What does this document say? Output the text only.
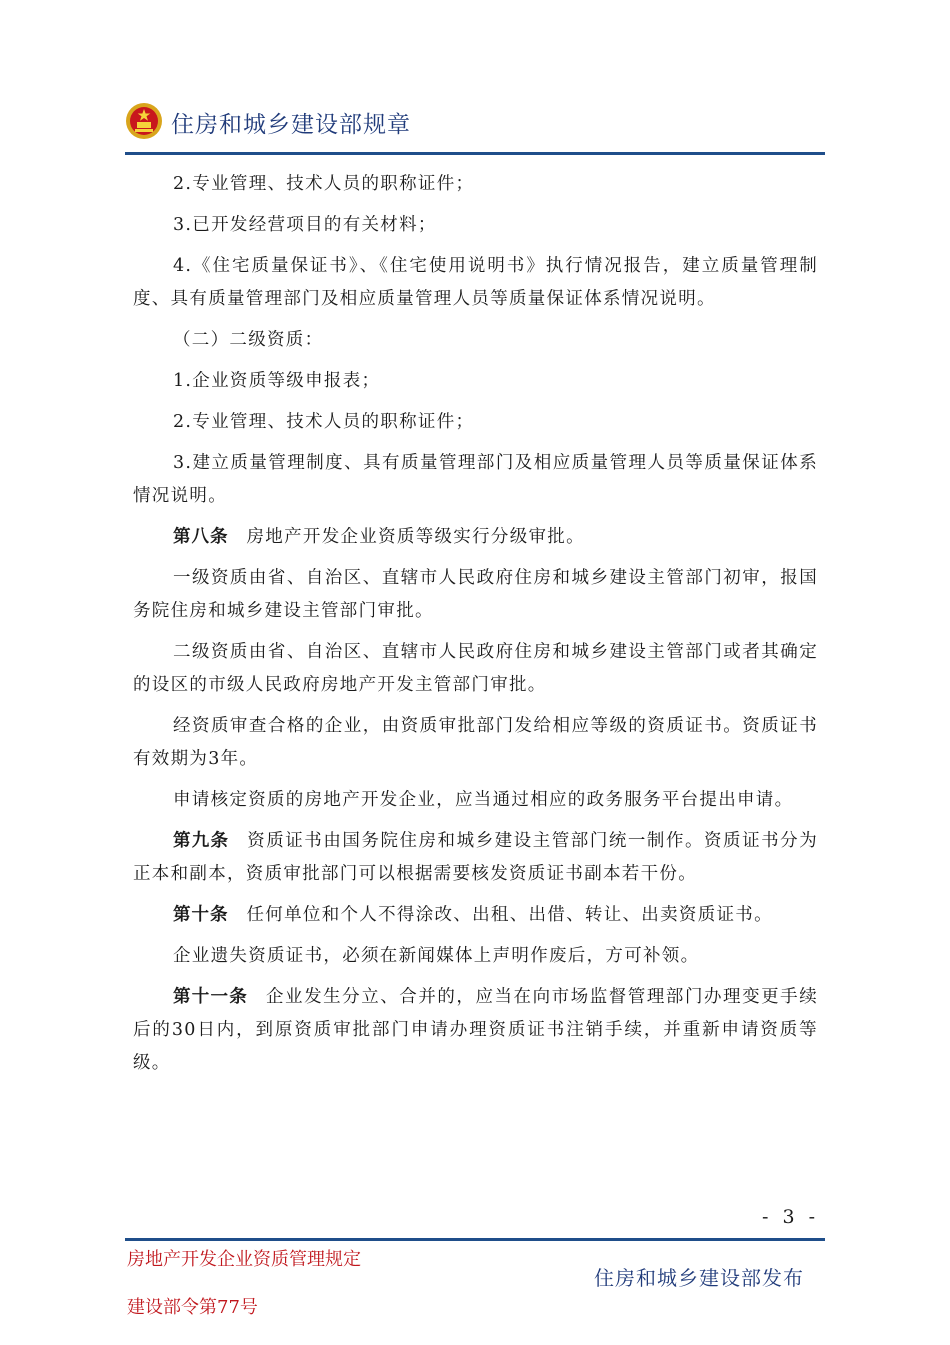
住房和城乡建设部规章

2.专业管理、技术人员的职称证件；

3.已开发经营项目的有关材料；

4.《住宅质量保证书》、《住宅使用说明书》执行情况报告，建立质量管理制度、具有质量管理部门及相应质量管理人员等质量保证体系情况说明。

（二）二级资质：

1.企业资质等级申报表；

2.专业管理、技术人员的职称证件；

3.建立质量管理制度、具有质量管理部门及相应质量管理人员等质量保证体系情况说明。

第八条 房地产开发企业资质等级实行分级审批。

一级资质由省、自治区、直辖市人民政府住房和城乡建设主管部门初审，报国务院住房和城乡建设主管部门审批。

二级资质由省、自治区、直辖市人民政府住房和城乡建设主管部门或者其确定的设区的市级人民政府房地产开发主管部门审批。

经资质审查合格的企业，由资质审批部门发给相应等级的资质证书。资质证书有效期为3年。

申请核定资质的房地产开发企业，应当通过相应的政务服务平台提出申请。

第九条 资质证书由国务院住房和城乡建设主管部门统一制作。资质证书分为正本和副本，资质审批部门可以根据需要核发资质证书副本若干份。

第十条 任何单位和个人不得涂改、出租、出借、转让、出卖资质证书。

企业遗失资质证书，必须在新闻媒体上声明作废后，方可补领。

第十一条 企业发生分立、合并的，应当在向市场监督管理部门办理变更手续后的30日内，到原资质审批部门申请办理资质证书注销手续，并重新申请资质等级。

- 3 -
房地产开发企业资质管理规定
建设部令第77号
住房和城乡建设部发布
